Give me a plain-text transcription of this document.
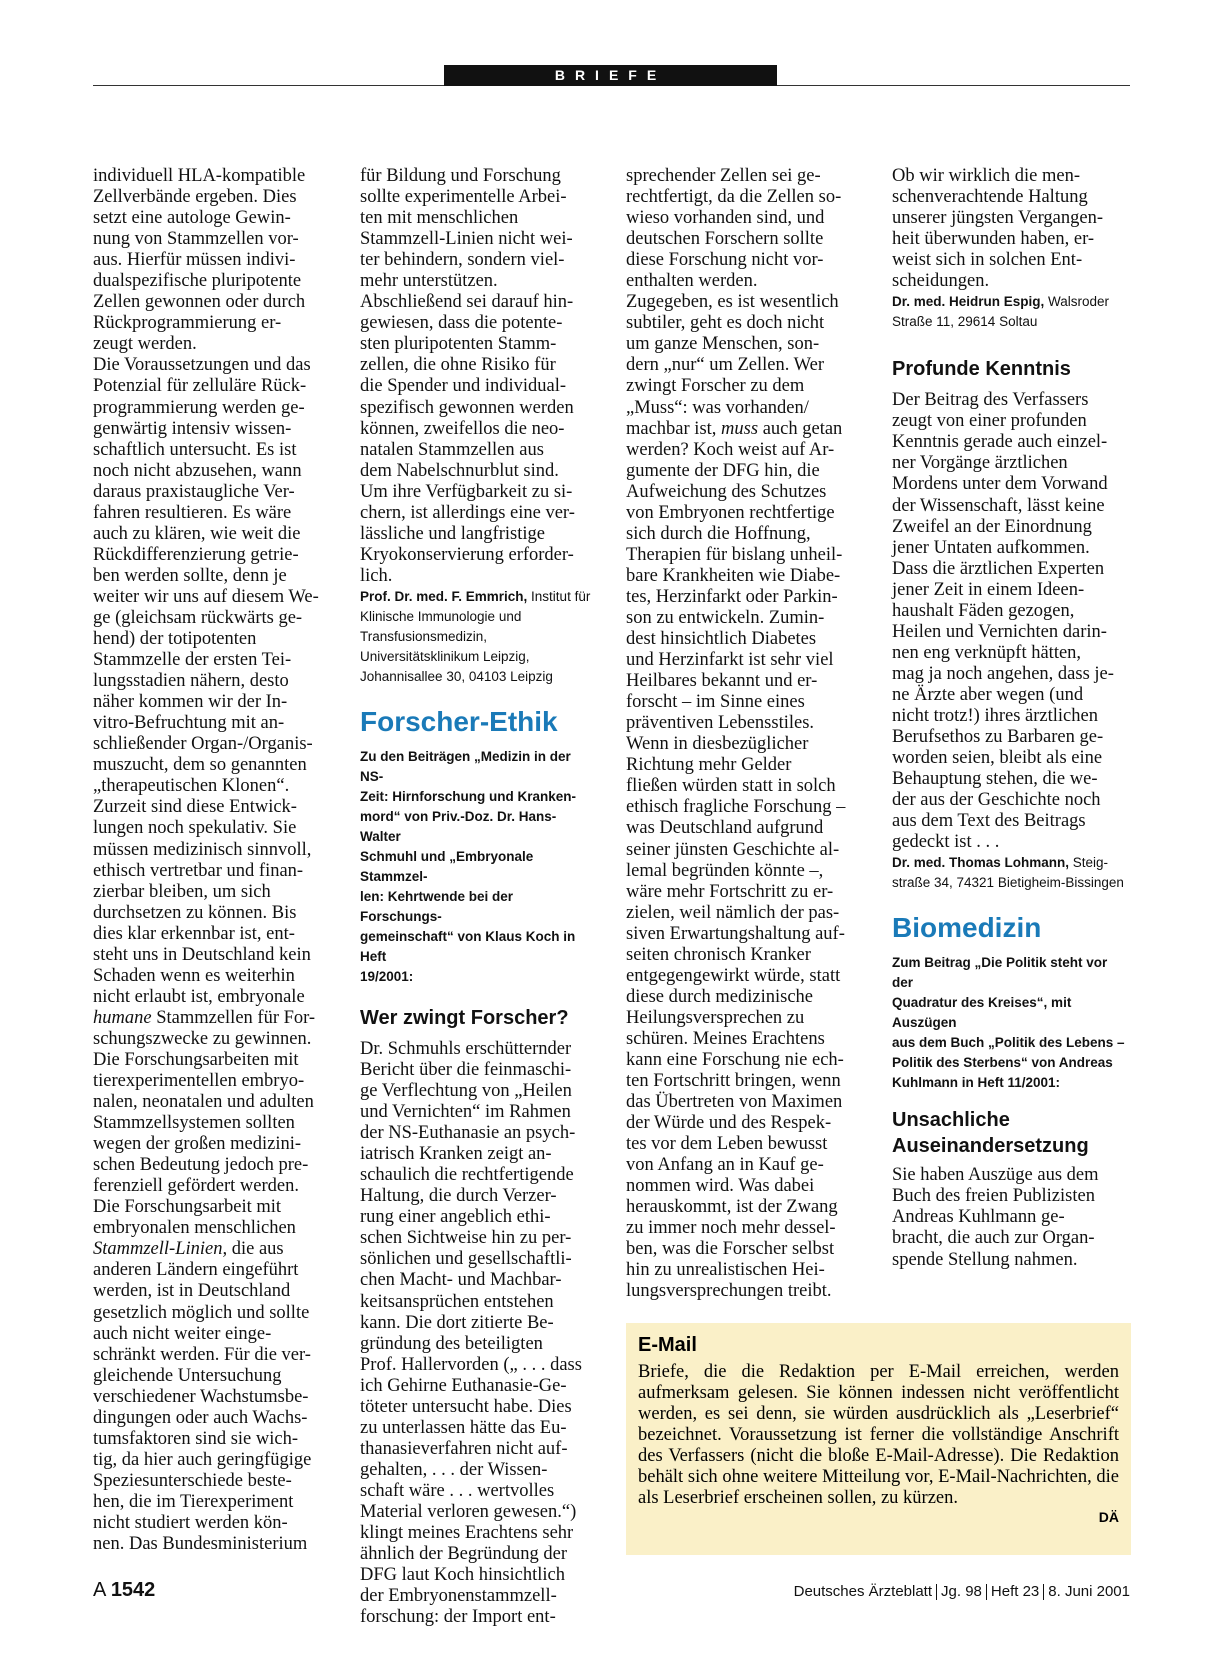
BRIEFE
individuell HLA-kompatible
Zellverbände ergeben. Dies
setzt eine autologe Gewin-
nung von Stammzellen vor-
aus. Hierfür müssen indivi-
dualspezifische pluripotente
Zellen gewonnen oder durch
Rückprogrammierung er-
zeugt werden.
Die Voraussetzungen und das
Potenzial für zelluläre Rück-
programmierung werden ge-
genwärtig intensiv wissen-
schaftlich untersucht. Es ist
noch nicht abzusehen, wann
daraus praxistaugliche Ver-
fahren resultieren. Es wäre
auch zu klären, wie weit die
Rückdifferenzierung getrie-
ben werden sollte, denn je
weiter wir uns auf diesem We-
ge (gleichsam rückwärts ge-
hend) der totipotenten
Stammzelle der ersten Tei-
lungsstadien nähern, desto
näher kommen wir der In-
vitro-Befruchtung mit an-
schließender Organ-/Organis-
muszucht, dem so genannten
„therapeutischen Klonen“.
Zurzeit sind diese Entwick-
lungen noch spekulativ. Sie
müssen medizinisch sinnvoll,
ethisch vertretbar und finan-
zierbar bleiben, um sich
durchsetzen zu können. Bis
dies klar erkennbar ist, ent-
steht uns in Deutschland kein
Schaden wenn es weiterhin
nicht erlaubt ist, embryonale
humane Stammzellen für For-
schungszwecke zu gewinnen.
Die Forschungsarbeiten mit
tierexperimentellen embryo-
nalen, neonatalen und adulten
Stammzellsystemen sollten
wegen der großen medizini-
schen Bedeutung jedoch pre-
ferenziell gefördert werden.
Die Forschungsarbeit mit
embryonalen menschlichen
Stammzell-Linien, die aus
anderen Ländern eingeführt
werden, ist in Deutschland
gesetzlich möglich und sollte
auch nicht weiter einge-
schränkt werden. Für die ver-
gleichende Untersuchung
verschiedener Wachstumsbe-
dingungen oder auch Wachs-
tumsfaktoren sind sie wich-
tig, da hier auch geringfügige
Speziesunterschiede beste-
hen, die im Tierexperiment
nicht studiert werden kön-
nen. Das Bundesministerium
für Bildung und Forschung
sollte experimentelle Arbei-
ten mit menschlichen
Stammzell-Linien nicht wei-
ter behindern, sondern viel-
mehr unterstützen.
Abschließend sei darauf hin-
gewiesen, dass die potente-
sten pluripotenten Stamm-
zellen, die ohne Risiko für
die Spender und individual-
spezifisch gewonnen werden
können, zweifellos die neo-
natalen Stammzellen aus
dem Nabelschnurblut sind.
Um ihre Verfügbarkeit zu si-
chern, ist allerdings eine ver-
lässliche und langfristige
Kryokonservierung erforder-
lich.

Prof. Dr. med. F. Emmrich, Institut für
Klinische Immunologie und
Transfusionsmedizin,
Universitätsklinikum Leipzig,
Johannisallee 30, 04103 Leipzig

Forscher-Ethik

Zu den Beiträgen „Medizin in der NS-
Zeit: Hirnforschung und Kranken-
mord“ von Priv.-Doz. Dr. Hans-Walter
Schmuhl und „Embryonale Stammzel-
len: Kehrtwende bei der Forschungs-
gemeinschaft“ von Klaus Koch in Heft
19/2001:

Wer zwingt Forscher?

Dr. Schmuhls erschütternder
Bericht über die feinmaschi-
ge Verflechtung von „Heilen
und Vernichten“ im Rahmen
der NS-Euthanasie an psych-
iatrisch Kranken zeigt an-
schaulich die rechtfertigende
Haltung, die durch Verzer-
rung einer angeblich ethi-
schen Sichtweise hin zu per-
sönlichen und gesellschaftli-
chen Macht- und Machbar-
keitsansprüchen entstehen
kann. Die dort zitierte Be-
gründung des beteiligten
Prof. Hallervorden („ . . . dass
ich Gehirne Euthanasie-Ge-
töteter untersucht habe. Dies
zu unterlassen hätte das Eu-
thanasieverfahren nicht auf-
gehalten, . . . der Wissen-
schaft wäre . . . wertvolles
Material verloren gewesen.“)
klingt meines Erachtens sehr
ähnlich der Begründung der
DFG laut Koch hinsichtlich
der Embryonenstammzell-
forschung: der Import ent-
sprechender Zellen sei ge-
rechtfertigt, da die Zellen so-
wieso vorhanden sind, und
deutschen Forschern sollte
diese Forschung nicht vor-
enthalten werden.
Zugegeben, es ist wesentlich
subtiler, geht es doch nicht
um ganze Menschen, son-
dern „nur“ um Zellen. Wer
zwingt Forscher zu dem
„Muss“: was vorhanden/
machbar ist, muss auch getan
werden? Koch weist auf Ar-
gumente der DFG hin, die
Aufweichung des Schutzes
von Embryonen rechtfertige
sich durch die Hoffnung,
Therapien für bislang unheil-
bare Krankheiten wie Diabe-
tes, Herzinfarkt oder Parkin-
son zu entwickeln. Zumin-
dest hinsichtlich Diabetes
und Herzinfarkt ist sehr viel
Heilbares bekannt und er-
forscht – im Sinne eines
präventiven Lebensstiles.
Wenn in diesbezüglicher
Richtung mehr Gelder
fließen würden statt in solch
ethisch fragliche Forschung –
was Deutschland aufgrund
seiner jünsten Geschichte al-
lemal begründen könnte –,
wäre mehr Fortschritt zu er-
zielen, weil nämlich der pas-
siven Erwartungshaltung auf-
seiten chronisch Kranker
entgegengewirkt würde, statt
diese durch medizinische
Heilungsversprechen zu
schüren. Meines Erachtens
kann eine Forschung nie ech-
ten Fortschritt bringen, wenn
das Übertreten von Maximen
der Würde und des Respek-
tes vor dem Leben bewusst
von Anfang an in Kauf ge-
nommen wird. Was dabei
herauskommt, ist der Zwang
zu immer noch mehr dessel-
ben, was die Forscher selbst
hin zu unrealistischen Hei-
lungsversprechungen treibt.
Ob wir wirklich die men-
schenverachtende Haltung
unserer jüngsten Vergangen-
heit überwunden haben, er-
weist sich in solchen Ent-
scheidungen.

Dr. med. Heidrun Espig, Walsroder
Straße 11, 29614 Soltau

Profunde Kenntnis

Der Beitrag des Verfassers
zeugt von einer profunden
Kenntnis gerade auch einzel-
ner Vorgänge ärztlichen
Mordens unter dem Vorwand
der Wissenschaft, lässt keine
Zweifel an der Einordnung
jener Untaten aufkommen.
Dass die ärztlichen Experten
jener Zeit in einem Ideen-
haushalt Fäden gezogen,
Heilen und Vernichten darin-
nen eng verknüpft hätten,
mag ja noch angehen, dass je-
ne Ärzte aber wegen (und
nicht trotz!) ihres ärztlichen
Berufsethos zu Barbaren ge-
worden seien, bleibt als eine
Behauptung stehen, die we-
der aus der Geschichte noch
aus dem Text des Beitrags
gedeckt ist . . .

Dr. med. Thomas Lohmann, Steig-
straße 34, 74321 Bietigheim-Bissingen

Biomedizin

Zum Beitrag „Die Politik steht vor der
Quadratur des Kreises“, mit Auszügen
aus dem Buch „Politik des Lebens –
Politik des Sterbens“ von Andreas
Kuhlmann in Heft 11/2001:
Unsachliche
Auseinandersetzung
Sie haben Auszüge aus dem
Buch des freien Publizisten
Andreas Kuhlmann ge-
bracht, die auch zur Organ-
spende Stellung nahmen.

E-Mail

Briefe, die die Redaktion per E-Mail erreichen, werden aufmerksam gelesen. Sie können indessen nicht veröffentlicht werden, es sei denn, sie würden ausdrücklich als „Leserbrief“ bezeichnet. Voraussetzung ist ferner die vollständige Anschrift des Verfassers (nicht die bloße E-Mail-Adresse). Die Redaktion behält sich ohne weitere Mitteilung vor, E-Mail-Nachrichten, die als Leserbrief erscheinen sollen, zu kürzen.

DÄ

A 1542	Deutsches Ärzteblatt Jg. 98 Heft 23 8. Juni 2001
